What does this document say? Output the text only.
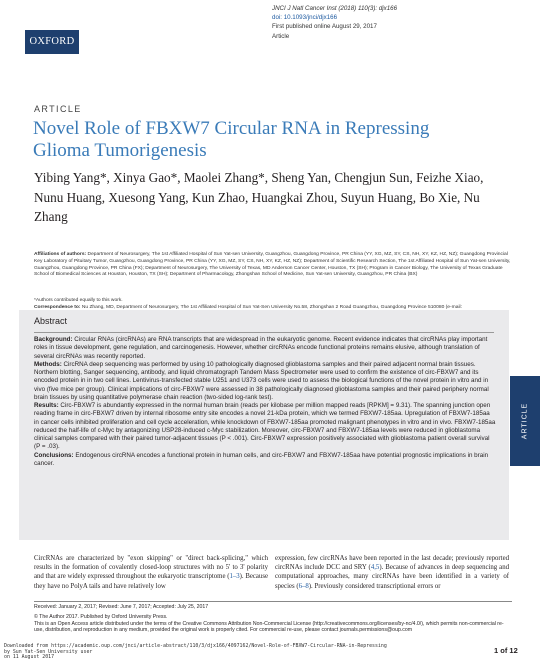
OXFORD
JNCI J Natl Cancer Inst (2018) 110(3): djx166
doi: 10.1093/jnci/djx166
First published online August 29, 2017
Article
ARTICLE
Novel Role of FBXW7 Circular RNA in Repressing Glioma Tumorigenesis
Yibing Yang*, Xinya Gao*, Maolei Zhang*, Sheng Yan, Chengjun Sun, Feizhe Xiao, Nunu Huang, Xuesong Yang, Kun Zhao, Huangkai Zhou, Suyun Huang, Bo Xie, Nu Zhang
Affiliations of authors: Department of Neurosurgery, The 1st Affiliated Hospital of Sun Yat-sen University, Guangzhou, Guangdong Province, PR China (YY, XG, MZ, SY, CS, NH, XY, KZ, HZ, NZ); Guangdong Provincial Key Laboratory of Pituitary Tumor, Guangzhou, Guangdong Province, PR China (YY, XG, MZ, SY, CS, NH, XY, KZ, HZ, NZ); Department of Scientific Research Section, The 1st Affiliated Hospital of Sun Yat-sen University, Guangzhou, Guangdong Province, PR China (FX); Department of Neurosurgery, The University of Texas, MD Anderson Cancer Center, Houston, TX (SH); Program in Cancer Biology, The University of Texas Graduate School of Biomedical Sciences at Houston, Houston, TX (SH); Department of Pharmacology, Zhongshan School of Medicine, Sun Yat-sen University, Guangzhou, PR China (BX)
*Authors contributed equally to this work.
Correspondence to: Nu Zhang, MD, Department of Neurosurgery, The 1st Affiliated Hospital of Sun Yat-Sen University No.58, Zhongshan 2 Road Guangzhou, Guangdong Province 510080 (e-mail:
Abstract

Background: Circular RNAs (circRNAs) are RNA transcripts that are widespread in the eukaryotic genome. Recent evidence indicates that circRNAs play important roles in tissue development, gene regulation, and carcinogenesis. However, whether circRNAs encode functional proteins remains elusive, although translation of several circRNAs was recently reported.

Methods: CircRNA deep sequencing was performed by using 10 pathologically diagnosed glioblastoma samples and their paired adjacent normal brain tissues. Northern blotting, Sanger sequencing, antibody, and liquid chromatograph Tandem Mass Spectrometer were used to confirm the existence of circ-FBXW7 and its encoded protein in in two cell lines. Lentivirus-transfected stable U251 and U373 cells were used to assess the biological functions of the novel protein in vitro and in vivo (five mice per group). Clinical implications of circ-FBXW7 were assessed in 38 pathologically diagnosed glioblastoma samples and their paired periphery normal brain tissues by using quantitative polymerase chain reaction (two-sided log-rank test).

Results: Circ-FBXW7 is abundantly expressed in the normal human brain (reads per kilobase per million mapped reads [RPKM] = 9.31). The spanning junction open reading frame in circ-FBXW7 driven by internal ribosome entry site encodes a novel 21-kDa protein, which we termed FBXW7-185aa. Upregulation of FBXW7-185aa in cancer cells inhibited proliferation and cell cycle acceleration, while knockdown of FBXW7-185aa promoted malignant phenotypes in vitro and in vivo. FBXW7-185aa reduced the half-life of c-Myc by antagonizing USP28-induced c-Myc stabilization. Moreover, circ-FBXW7 and FBXW7-185aa levels were reduced in glioblastoma clinical samples compared with their paired tumor-adjacent tissues (P < .001). Circ-FBXW7 expression positively associated with glioblastoma patient overall survival (P = .03).

Conclusions: Endogenous circRNA encodes a functional protein in human cells, and circ-FBXW7 and FBXW7-185aa have potential prognostic implications in brain cancer.

ARTICLE
CircRNAs are characterized by "exon skipping" or "direct back-splicing," which results in the formation of covalently closed-loop structures with no 5' to 3' polarity and that are widely expressed throughout the eukaryotic transcriptome (1–3). Because they have no PolyA tails and have relatively low
expression, few circRNAs have been reported in the last decade; previously reported circRNAs include DCC and SRY (4,5). Because of advances in deep sequencing and computational approaches, many circRNAs have been identified in a variety of species (6–8). Previously considered transcriptional errors or
Received: January 2, 2017; Revised: June 7, 2017; Accepted: July 25, 2017
© The Author 2017. Published by Oxford University Press.
This is an Open Access article distributed under the terms of the Creative Commons Attribution Non-Commercial License (http://creativecommons.org/licenses/by-nc/4.0/), which permits non-commercial re-use, distribution, and reproduction in any medium, provided the original work is properly cited. For commercial re-use, please contact journals.permissions@oup.com
Downloaded from https://academic.oup.com/jnci/article-abstract/110/3/djx166/4097162/Novel-Role-of-FBXW7-Circular-RNA-in-Repressing
by Sun Yat-Sen University user
on 11 August 2017
1 of 12
